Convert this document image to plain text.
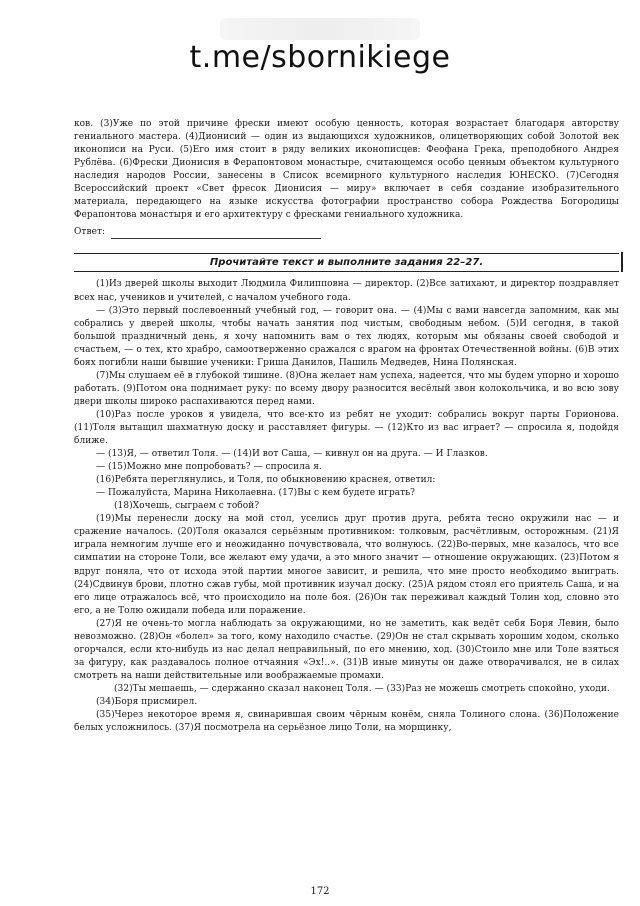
t.me/sbornikiege

ков. (3)Уже по этой причине фрески имеют особую ценность, которая возрастает благодаря авторству гениального мастера. (4)Дионисий — один из выдающихся художников, олицетворяющих собой Золотой век иконописи на Руси. (5)Его имя стоит в ряду великих иконописцев: Феофана Грека, преподобного Андрея Рублёва. (6)Фрески Дионисия в Ферапонтовом монастыре, считающемся особо ценным объектом культурного наследия народов России, занесены в Список всемирного культурного наследия ЮНЕСКО. (7)Сегодня Всероссийский проект «Свет фресок Дионисия — миру» включает в себя создание изобразительного материала, передающего на языке искусства фотографии пространство собора Рождества Богородицы Ферапонтова монастыря и его архитектуру с фресками гениального художника.

Ответ:
Прочитайте текст и выполните задания 22–27.

(1)Из дверей школы выходит Людмила Филипповна — директор. (2)Все затихают, и директор поздравляет всех нас, учеников и учителей, с началом учебного года.

— (3)Это первый послевоенный учебный год, — говорит она. — (4)Мы с вами навсегда запомним, как мы собрались у дверей школы, чтобы начать занятия под чистым, свободным небом. (5)И сегодня, в такой большой праздничный день, я хочу напомнить вам о тех людях, которым мы обязаны своей свободой и счастьем, — о тех, кто храбро, самоотверженно сражался с врагом на фронтах Отечественной войны. (6)В этих боях погибли наши бывшие ученики: Гриша Данилов, Пашиль Медведев, Нина Полянская.

(7)Мы слушаем её в глубокой тишине. (8)Она желает нам успеха, надеется, что мы будем упорно и хорошо работать. (9)Потом она поднимает руку: по всему двору разносится весёлый звон колокольчика, и во всю зову двери школы широко распахиваются перед нами.

(10)Раз после уроков я увидела, что все-кто из ребят не уходит: собрались вокруг парты Горионова. (11)Толя вытащил шахматную доску и расставляет фигуры. — (12)Кто из вас играет? — спросила я, подойдя ближе.

— (13)Я, — ответил Толя. — (14)И вот Саша, — кивнул он на друга. — И Глазков.

— (15)Можно мне попробовать? — спросила я.

(16)Ребята переглянулись, и Толя, по обыкновению краснея, ответил:

— Пожалуйста, Марина Николаевна. (17)Вы с кем будете играть?

(18)Хочешь, сыграем с тобой?

(19)Мы перенесли доску на мой стол, уселись друг против друга, ребята тесно окружили нас — и сражение началось. (20)Толя оказался серьёзным противником: толковым, расчётливым, осторожным. (21)Я играла немногим лучше его и неожиданно почувствовала, что волнуюсь. (22)Во-первых, мне казалось, что все симпатии на стороне Толи, все желают ему удачи, а это много значит — отношение окружающих. (23)Потом я вдруг поняла, что от исхода этой партии многое зависит, и решила, что мне просто необходимо выиграть. (24)Сдвинув брови, плотно сжав губы, мой противник изучал доску. (25)А рядом стоял его приятель Саша, и на его лице отражалось всё, что происходило на поле боя. (26)Он так переживал каждый Толин ход, словно это его, а не Толю ожидали победа или поражение.

(27)Я не очень-то могла наблюдать за окружающими, но не заметить, как ведёт себя Боря Левин, было невозможно. (28)Он «болел» за того, кому находило счастье. (29)Он не стал скрывать хорошим ходом, сколько огорчался, если кто-нибудь из нас делал неправильный, по его мнению, ход. (30)Стоило мне или Толе взяться за фигуру, как раздавалось полное отчаяния «Эх!..». (31)В иные минуты он даже отворачивался, не в силах смотреть на наши действительные или воображаемые промахи.

(32)Ты мешаешь, — сдержанно сказал наконец Толя. — (33)Раз не можешь смотреть спокойно, уходи.

(34)Боря присмирел.

(35)Через некоторое время я, свинарившая своим чёрным конём, сняла Толиного слона. (36)Положение белых усложнилось. (37)Я посмотрела на серьёзное лицо Толи, на морщинку,

172
